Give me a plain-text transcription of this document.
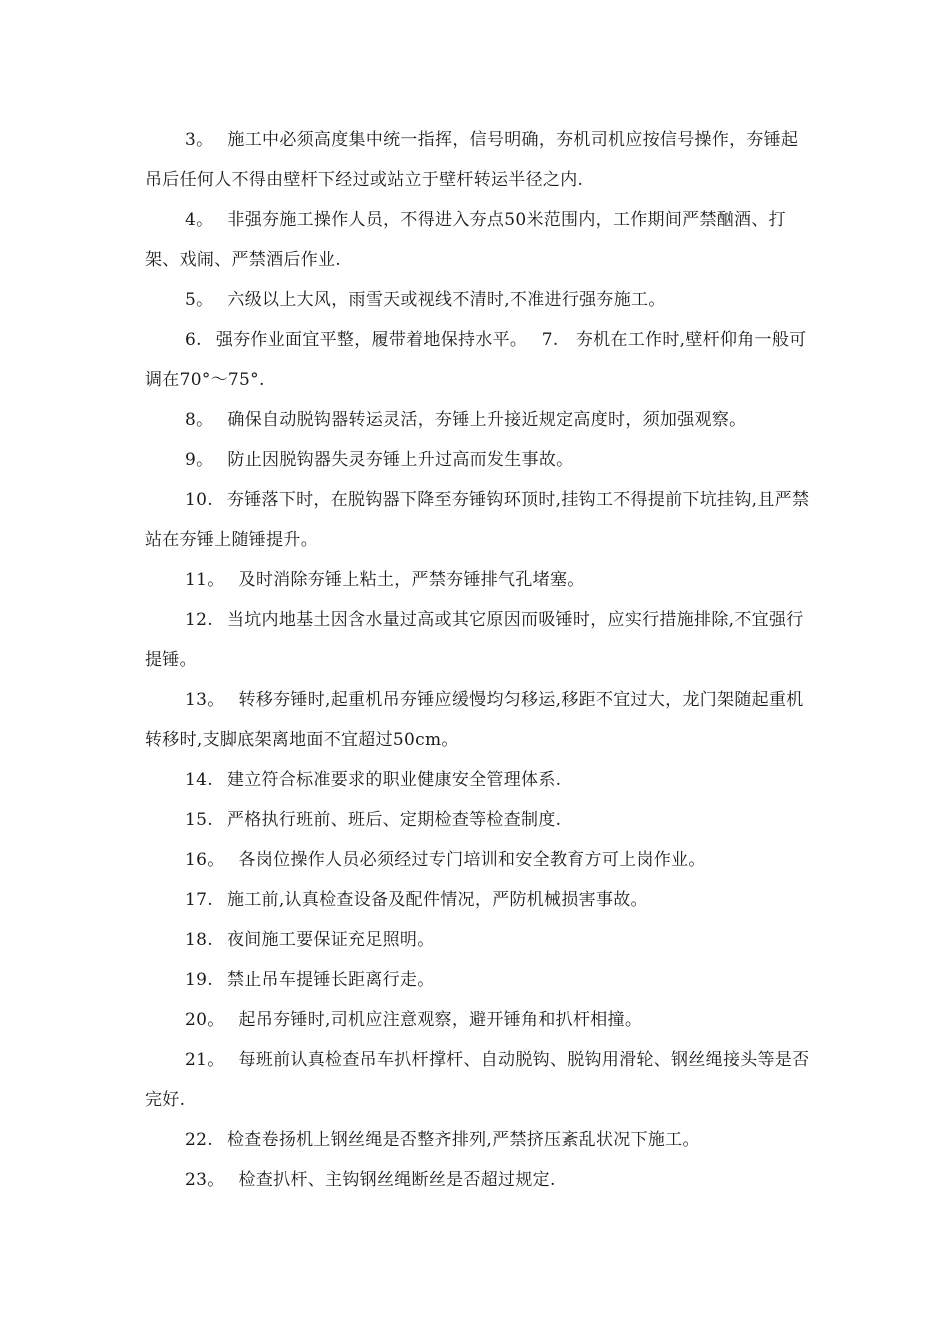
3。 施工中必须高度集中统一指挥，信号明确，夯机司机应按信号操作，夯锤起吊后任何人不得由壁杆下经过或站立于壁杆转运半径之内.

4。 非强夯施工操作人员，不得进入夯点50米范围内，工作期间严禁酗酒、打架、戏闹、严禁酒后作业.

5。 六级以上大风，雨雪天或视线不清时,不准进行强夯施工。

6. 强夯作业面宜平整，履带着地保持水平。　 7.　夯机在工作时,壁杆仰角一般可调在70°～75°.

8。 确保自动脱钩器转运灵活，夯锤上升接近规定高度时，须加强观察。

9。 防止因脱钩器失灵夯锤上升过高而发生事故。

10. 夯锤落下时，在脱钩器下降至夯锤钩环顶时,挂钩工不得提前下坑挂钩,且严禁站在夯锤上随锤提升。

11。 及时消除夯锤上粘土，严禁夯锤排气孔堵塞。

12. 当坑内地基土因含水量过高或其它原因而吸锤时，应实行措施排除,不宜强行提锤。

13。 转移夯锤时,起重机吊夯锤应缓慢均匀移运,移距不宜过大，龙门架随起重机转移时,支脚底架离地面不宜超过50cm。

14. 建立符合标准要求的职业健康安全管理体系.

15. 严格执行班前、班后、定期检查等检查制度.

16。 各岗位操作人员必须经过专门培训和安全教育方可上岗作业。

17. 施工前,认真检查设备及配件情况，严防机械损害事故。

18. 夜间施工要保证充足照明。

19. 禁止吊车提锤长距离行走。

20。 起吊夯锤时,司机应注意观察，避开锤角和扒杆相撞。

21。 每班前认真检查吊车扒杆撑杆、自动脱钩、脱钩用滑轮、钢丝绳接头等是否完好.

22. 检查卷扬机上钢丝绳是否整齐排列,严禁挤压紊乱状况下施工。

23。 检查扒杆、主钩钢丝绳断丝是否超过规定.
